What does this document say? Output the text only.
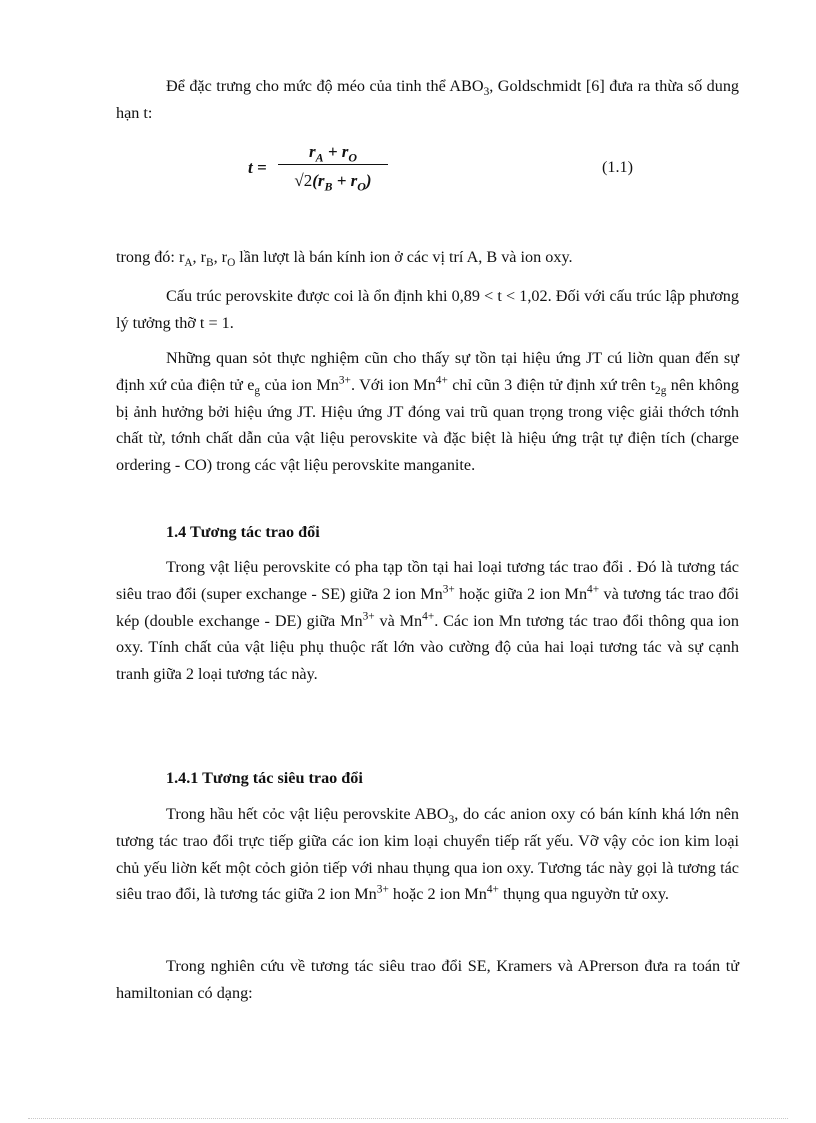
Để đặc trưng cho mức độ méo của tinh thể $ABO_3$, Goldschmidt [6] đưa ra thừa số dung hạn t:

t =
$r_A + r_O$
$√2(r_B + r_O)$
(1.1)

trong đó: $r_A$, $r_B$, $r_O$ lần lượt là bán kính ion ở các vị trí A, B và ion oxy.

Cấu trúc perovskite được coi là ổn định khi 0,89 < t < 1,02. Đối với cấu trúc lập phương lý tưởng thỡ t = 1.

Những quan sỏt thực nghiệm cũn cho thấy sự tồn tại hiệu ứng JT cú liờn quan đến sự định xứ của điện tử $e_g$ của ion $Mn^{3+}$. Với ion $Mn^{4+}$ chỉ cũn 3 điện tử định xứ trên $t_{2g}$ nên không bị ảnh hưởng bởi hiệu ứng JT. Hiệu ứng JT đóng vai trũ quan trọng trong việc giải thớch tớnh chất từ, tớnh chất dẫn của vật liệu perovskite và đặc biệt là hiệu ứng trật tự điện tích (charge ordering - CO) trong các vật liệu perovskite manganite.

1.4 Tương tác trao đổi

Trong vật liệu perovskite có pha tạp tồn tại hai loại tương tác trao đổi . Đó là tương tác siêu trao đổi (super exchange - SE) giữa 2 ion $Mn^{3+}$ hoặc giữa 2 ion $Mn^{4+}$ và tương tác trao đổi kép (double exchange - DE) giữa $Mn^{3+}$ và $Mn^{4+}$. Các ion Mn tương tác trao đổi thông qua ion oxy. Tính chất của vật liệu phụ thuộc rất lớn vào cường độ của hai loại tương tác và sự cạnh tranh giữa 2 loại tương tác này.

1.4.1 Tương tác siêu trao đổi

Trong hầu hết cỏc vật liệu perovskite $ABO_3$, do các anion oxy có bán kính khá lớn nên tương tác trao đổi trực tiếp giữa các ion kim loại chuyển tiếp rất yếu. Vỡ vậy cỏc ion kim loại chủ yếu liờn kết một cỏch giỏn tiếp với nhau thụng qua ion oxy. Tương tác này gọi là tương tác siêu trao đổi, là tương tác giữa 2 ion $Mn^{3+}$ hoặc 2 ion $Mn^{4+}$ thụng qua nguyờn tử oxy.

Trong nghiên cứu về tương tác siêu trao đổi SE, Kramers và APrerson đưa ra toán tử hamiltonian có dạng:
